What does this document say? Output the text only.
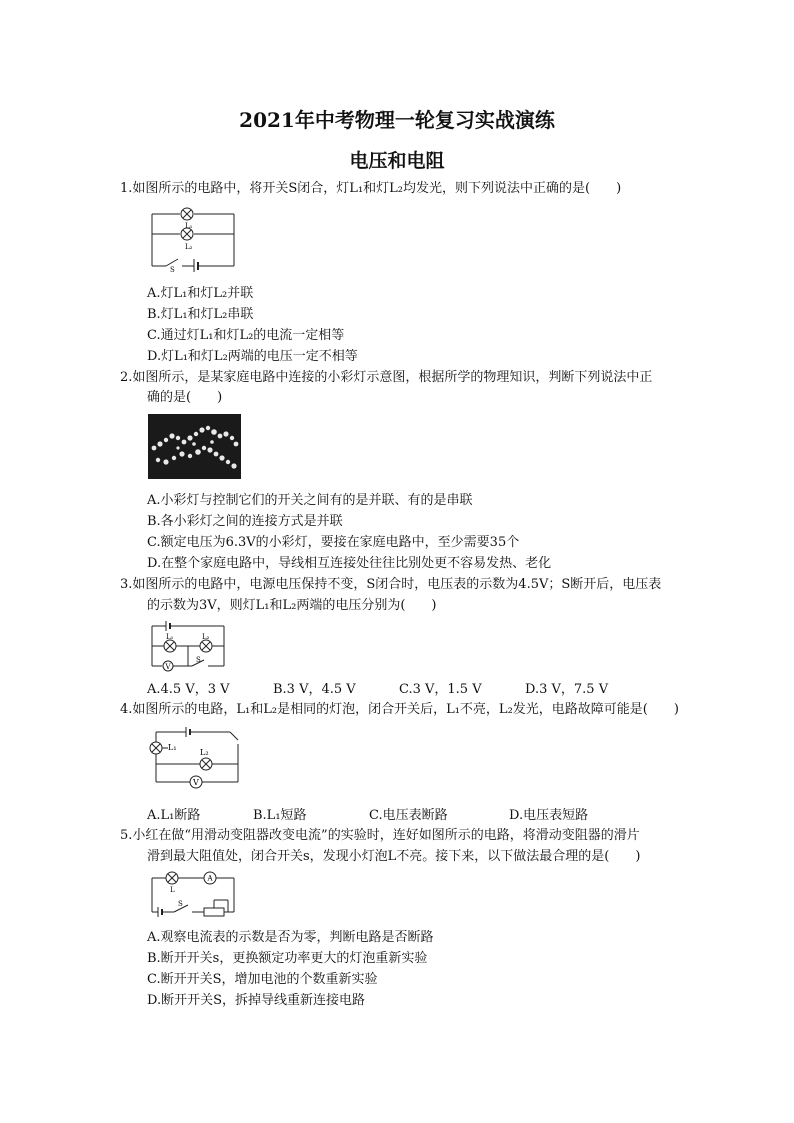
2021年中考物理一轮复习实战演练
电压和电阻
1.如图所示的电路中，将开关S闭合，灯L₁和灯L₂均发光，则下列说法中正确的是(　　)
L₁
L₂
S
A.灯L₁和灯L₂并联
B.灯L₁和灯L₂串联
C.通过灯L₁和灯L₂的电流一定相等
D.灯L₁和灯L₂两端的电压一定不相等
2.如图所示，是某家庭电路中连接的小彩灯示意图，根据所学的物理知识，判断下列说法中正
确的是(　　)
A.小彩灯与控制它们的开关之间有的是并联、有的是串联
B.各小彩灯之间的连接方式是并联
C.额定电压为6.3V的小彩灯，要接在家庭电路中，至少需要35个
D.在整个家庭电路中，导线相互连接处往往比别处更不容易发热、老化
3.如图所示的电路中，电源电压保持不变，S闭合时，电压表的示数为4.5V；S断开后，电压表
的示数为3V，则灯L₁和L₂两端的电压分别为(　　)
L₁	L₂
V
S
A.4.5 V，3 V	B.3 V，4.5 V	C.3 V，1.5 V	D.3 V，7.5 V
4.如图所示的电路，L₁和L₂是相同的灯泡，闭合开关后，L₁不亮，L₂发光，电路故障可能是(　　)
L₁
L₂
V
A.L₁断路	B.L₁短路	C.电压表断路	D.电压表短路
5.小红在做“用滑动变阻器改变电流”的实验时，连好如图所示的电路，将滑动变阻器的滑片
滑到最大阻值处，闭合开关s，发现小灯泡L不亮。接下来，以下做法最合理的是(　　)
L
A
S
A.观察电流表的示数是否为零，判断电路是否断路
B.断开开关s，更换额定功率更大的灯泡重新实验
C.断开开关S，增加电池的个数重新实验
D.断开开关S，拆掉导线重新连接电路
